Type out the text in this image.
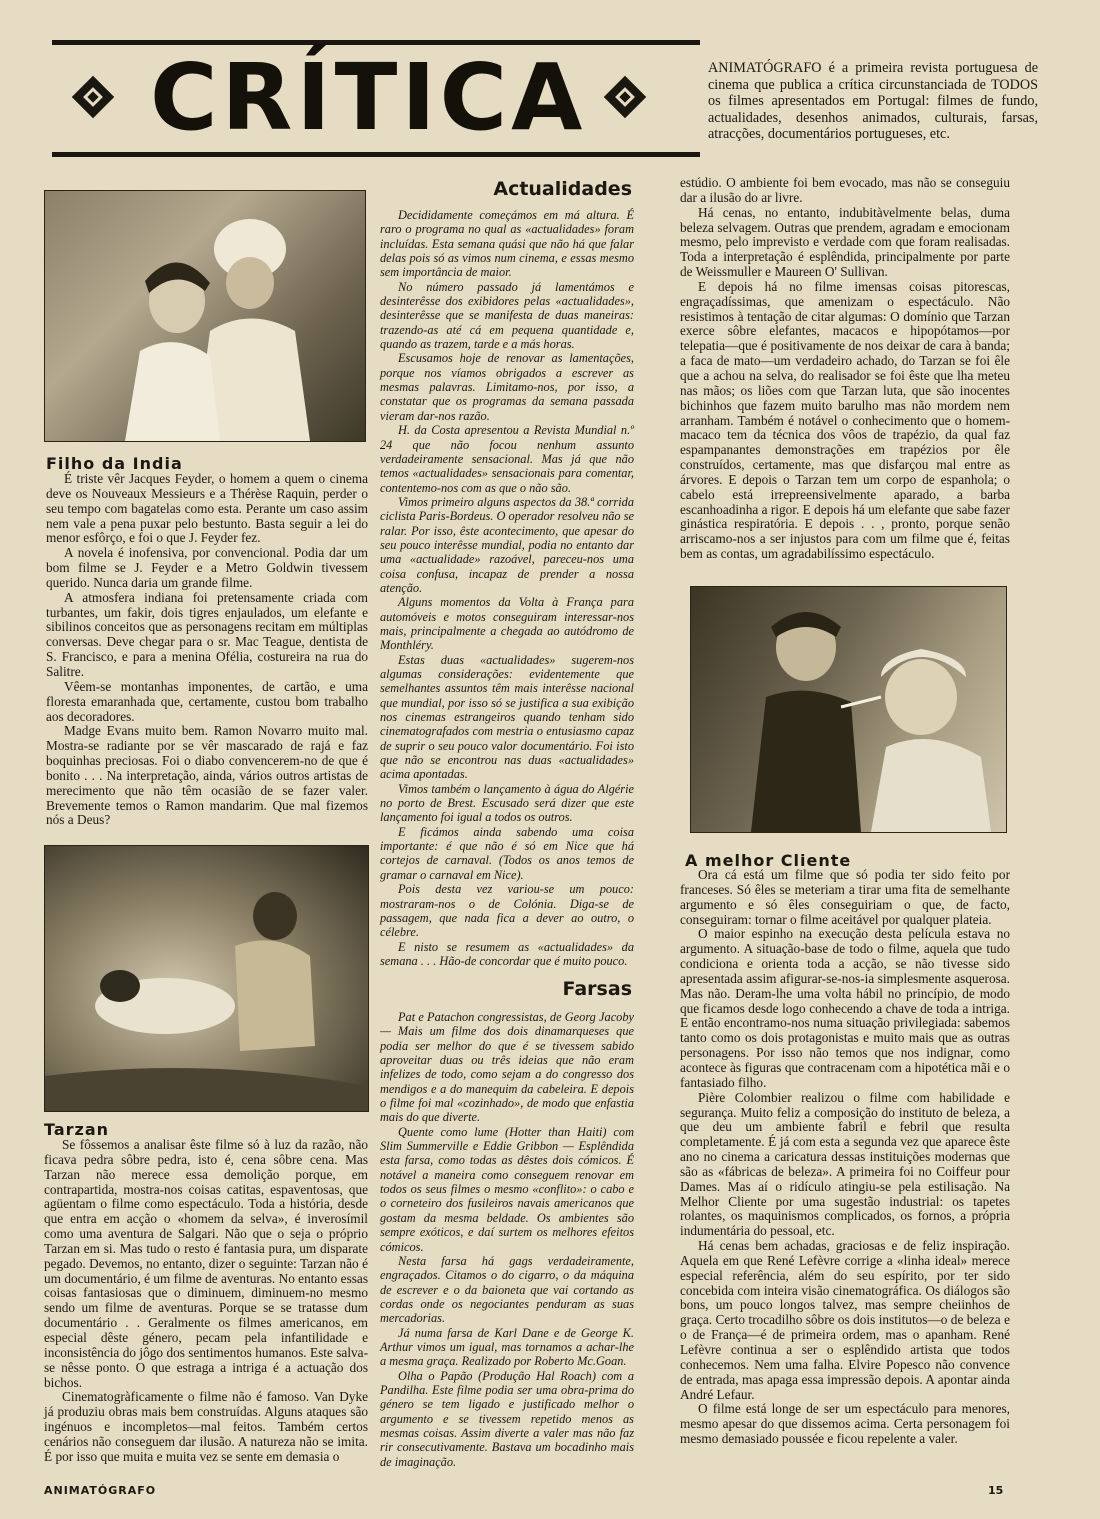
CRÍTICA	ANIMATÓGRAFO é a primeira revista portuguesa de cinema que publica a crítica circunstanciada de TODOS os filmes apresentados em Portugal: filmes de fundo, actualidades, desenhos animados, culturais, farsas, atracções, documentários portugueses, etc.
Filho da India

É triste vêr Jacques Feyder, o homem a quem o cinema deve os Nouveaux Messieurs e a Thérèse Raquin, perder o seu tempo com bagatelas como esta. Perante um caso assim nem vale a pena puxar pelo bestunto. Basta seguir a lei do menor esfôrço, e foi o que J. Feyder fez.

A novela é inofensiva, por convencional. Podia dar um bom filme se J. Feyder e a Metro Goldwin tivessem querido. Nunca daria um grande filme.

A atmosfera indiana foi pretensamente criada com turbantes, um fakir, dois tigres enjaulados, um elefante e sibilinos conceitos que as personagens recitam em múltiplas conversas. Deve chegar para o sr. Mac Teague, dentista de S. Francisco, e para a menina Ofélia, costureira na rua do Salitre.

Vêem-se montanhas imponentes, de cartão, e uma floresta emaranhada que, certamente, custou bom trabalho aos decoradores.

Madge Evans muito bem. Ramon Novarro muito mal. Mostra-se radiante por se vêr mascarado de rajá e faz boquinhas preciosas. Foi o diabo convencerem-no de que é bonito . . . Na interpretação, ainda, vários outros artistas de merecimento que não têm ocasião de se fazer valer. Brevemente temos o Ramon mandarim. Que mal fizemos nós a Deus?

Tarzan

Se fôssemos a analisar êste filme só à luz da razão, não ficava pedra sôbre pedra, isto é, cena sôbre cena. Mas Tarzan não merece essa demolição porque, em contrapartida, mostra-nos coisas catitas, espaventosas, que agüentam o filme como espectáculo. Toda a história, desde que entra em acção o «homem da selva», é inverosímil como uma aventura de Salgari. Não que o seja o próprio Tarzan em si. Mas tudo o resto é fantasia pura, um disparate pegado. Devemos, no entanto, dizer o seguinte: Tarzan não é um documentário, é um filme de aventuras. No entanto essas coisas fantasiosas que o diminuem, diminuem-no mesmo sendo um filme de aventuras. Porque se se tratasse dum documentário . . Geralmente os filmes americanos, em especial dêste género, pecam pela infantilidade e inconsistência do jôgo dos sentimentos humanos. Este salva-se nêsse ponto. O que estraga a intriga é a actuação dos bichos.

Cinematogràficamente o filme não é famoso. Van Dyke já produziu obras mais bem construídas. Alguns ataques são ingénuos e incompletos—mal feitos. Também certos cenários não conseguem dar ilusão. A natureza não se imita. É por isso que muita e muita vez se sente em demasia o

Actualidades

Decididamente começámos em má altura. É raro o programa no qual as «actualidades» foram incluídas. Esta semana quási que não há que falar delas pois só as vimos num cinema, e essas mesmo sem importância de maior.

No número passado já lamentámos e desinterêsse dos exibidores pelas «actualidades», desinterêsse que se manifesta de duas maneiras: trazendo-as até cá em pequena quantidade e, quando as trazem, tarde e a más horas.

Escusamos hoje de renovar as lamentações, porque nos víamos obrigados a escrever as mesmas palavras. Limitamo-nos, por isso, a constatar que os programas da semana passada vieram dar-nos razão.

H. da Costa apresentou a Revista Mundial n.º 24 que não focou nenhum assunto verdadeiramente sensacional. Mas já que não temos «actualidades» sensacionais para comentar, contentemo-nos com as que o não são.

Vimos primeiro alguns aspectos da 38.ª corrida ciclista Paris-Bordeus. O operador resolveu não se ralar. Por isso, êste acontecimento, que apesar do seu pouco interêsse mundial, podia no entanto dar uma «actualidade» razoável, pareceu-nos uma coisa confusa, incapaz de prender a nossa atenção.

Alguns momentos da Volta à França para automóveis e motos conseguiram interessar-nos mais, principalmente a chegada ao autódromo de Monthléry.

Estas duas «actualidades» sugerem-nos algumas considerações: evidentemente que semelhantes assuntos têm mais interêsse nacional que mundial, por isso só se justifica a sua exibição nos cinemas estrangeiros quando tenham sido cinematografados com mestria o entusiasmo capaz de suprir o seu pouco valor documentário. Foi isto que não se encontrou nas duas «actualidades» acima apontadas.

Vimos também o lançamento à água do Algérie no porto de Brest. Escusado será dizer que este lançamento foi igual a todos os outros.

E ficámos ainda sabendo uma coisa importante: é que não é só em Nice que há cortejos de carnaval. (Todos os anos temos de gramar o carnaval em Nice).

Pois desta vez variou-se um pouco: mostraram-nos o de Colónia. Diga-se de passagem, que nada fica a dever ao outro, o célebre.

E nisto se resumem as «actualidades» da semana . . . Hão-de concordar que é muito pouco.

Farsas

Pat e Patachon congressistas, de Georg Jacoby — Mais um filme dos dois dinamarqueses que podia ser melhor do que é se tivessem sabido aproveitar duas ou três ideias que não eram infelizes de todo, como sejam a do congresso dos mendigos e a do manequim da cabeleira. E depois o filme foi mal «cozinhado», de modo que enfastia mais do que diverte.

Quente como lume (Hotter than Haiti) com Slim Summerville e Eddie Gribbon — Esplêndida esta farsa, como todas as dêstes dois cómicos. É notável a maneira como conseguem renovar em todos os seus filmes o mesmo «conflito»: o cabo e o corneteiro dos fusileiros navais americanos que gostam da mesma beldade. Os ambientes são sempre exóticos, e daí surtem os melhores efeitos cómicos.

Nesta farsa há gags verdadeiramente, engraçados. Citamos o do cigarro, o da máquina de escrever e o da baioneta que vai cortando as cordas onde os negociantes penduram as suas mercadorias.

Já numa farsa de Karl Dane e de George K. Arthur vimos um igual, mas tornamos a achar-lhe a mesma graça. Realizado por Roberto Mc.Goan.

Olha o Papão (Produção Hal Roach) com a Pandilha. Este filme podia ser uma obra-prima do género se tem ligado e justificado melhor o argumento e se tivessem repetido menos as mesmas coisas. Assim diverte a valer mas não faz rir consecutivamente. Bastava um bocadinho mais de imaginação.

estúdio. O ambiente foi bem evocado, mas não se conseguiu dar a ilusão do ar livre.

Há cenas, no entanto, indubitàvelmente belas, duma beleza selvagem. Outras que prendem, agradam e emocionam mesmo, pelo imprevisto e verdade com que foram realisadas. Toda a interpretação é esplêndida, principalmente por parte de Weissmuller e Maureen O' Sullivan.

E depois há no filme imensas coisas pitorescas, engraçadíssimas, que amenizam o espectáculo. Não resistimos à tentação de citar algumas: O domínio que Tarzan exerce sôbre elefantes, macacos e hipopótamos—por telepatia—que é positivamente de nos deixar de cara à banda; a faca de mato—um verdadeiro achado, do Tarzan se foi êle que a achou na selva, do realisador se foi êste que lha meteu nas mãos; os liões com que Tarzan luta, que são inocentes bichinhos que fazem muito barulho mas não mordem nem arranham. Também é notável o conhecimento que o homem-macaco tem da técnica dos vôos de trapézio, da qual faz espampanantes demonstrações em trapézios por êle construídos, certamente, mas que disfarçou mal entre as árvores. E depois o Tarzan tem um corpo de espanhola; o cabelo está irrepreensivelmente aparado, a barba escanhoadinha a rigor. E depois há um elefante que sabe fazer ginástica respiratória. E depois . . , pronto, porque senão arriscamo-nos a ser injustos para com um filme que é, feitas bem as contas, um agradabilíssimo espectáculo.

A melhor Cliente

Ora cá está um filme que só podia ter sido feito por franceses. Só êles se meteriam a tirar uma fita de semelhante argumento e só êles conseguiriam o que, de facto, conseguiram: tornar o filme aceitável por qualquer plateia.

O maior espinho na execução desta película estava no argumento. A situação-base de todo o filme, aquela que tudo condiciona e orienta toda a acção, se não tivesse sido apresentada assim afigurar-se-nos-ia simplesmente asquerosa. Mas não. Deram-lhe uma volta hábil no princípio, de modo que ficamos desde logo conhecendo a chave de toda a intriga. E então encontramo-nos numa situação privilegiada: sabemos tanto como os dois protagonistas e muito mais que as outras personagens. Por isso não temos que nos indignar, como acontece às figuras que contracenam com a hipotética mãi e o fantasiado filho.

Pière Colombier realizou o filme com habilidade e segurança. Muito feliz a composição do instituto de beleza, a que deu um ambiente fabril e febril que resulta completamente. É já com esta a segunda vez que aparece êste ano no cinema a caricatura dessas instituições modernas que são as «fábricas de beleza». A primeira foi no Coiffeur pour Dames. Mas aí o ridículo atingiu-se pela estilisação. Na Melhor Cliente por uma sugestão industrial: os tapetes rolantes, os maquinismos complicados, os fornos, a própria indumentária do pessoal, etc.

Há cenas bem achadas, graciosas e de feliz inspiração. Aquela em que René Lefèvre corrige a «linha ideal» merece especial referência, além do seu espírito, por ter sido concebida com inteira visão cinematográfica. Os diálogos são bons, um pouco longos talvez, mas sempre cheiinhos de graça. Certo trocadilho sôbre os dois institutos—o de beleza e o de França—é de primeira ordem, mas o apanham. René Lefèvre continua a ser o esplêndido artista que todos conhecemos. Nem uma falha. Elvire Popesco não convence de entrada, mas apaga essa impressão depois. A apontar ainda André Lefaur.

O filme está longe de ser um espectáculo para menores, mesmo apesar do que dissemos acima. Certa personagem foi mesmo demasiado poussée e ficou repelente a valer.

ANIMATÓGRAFO	15
